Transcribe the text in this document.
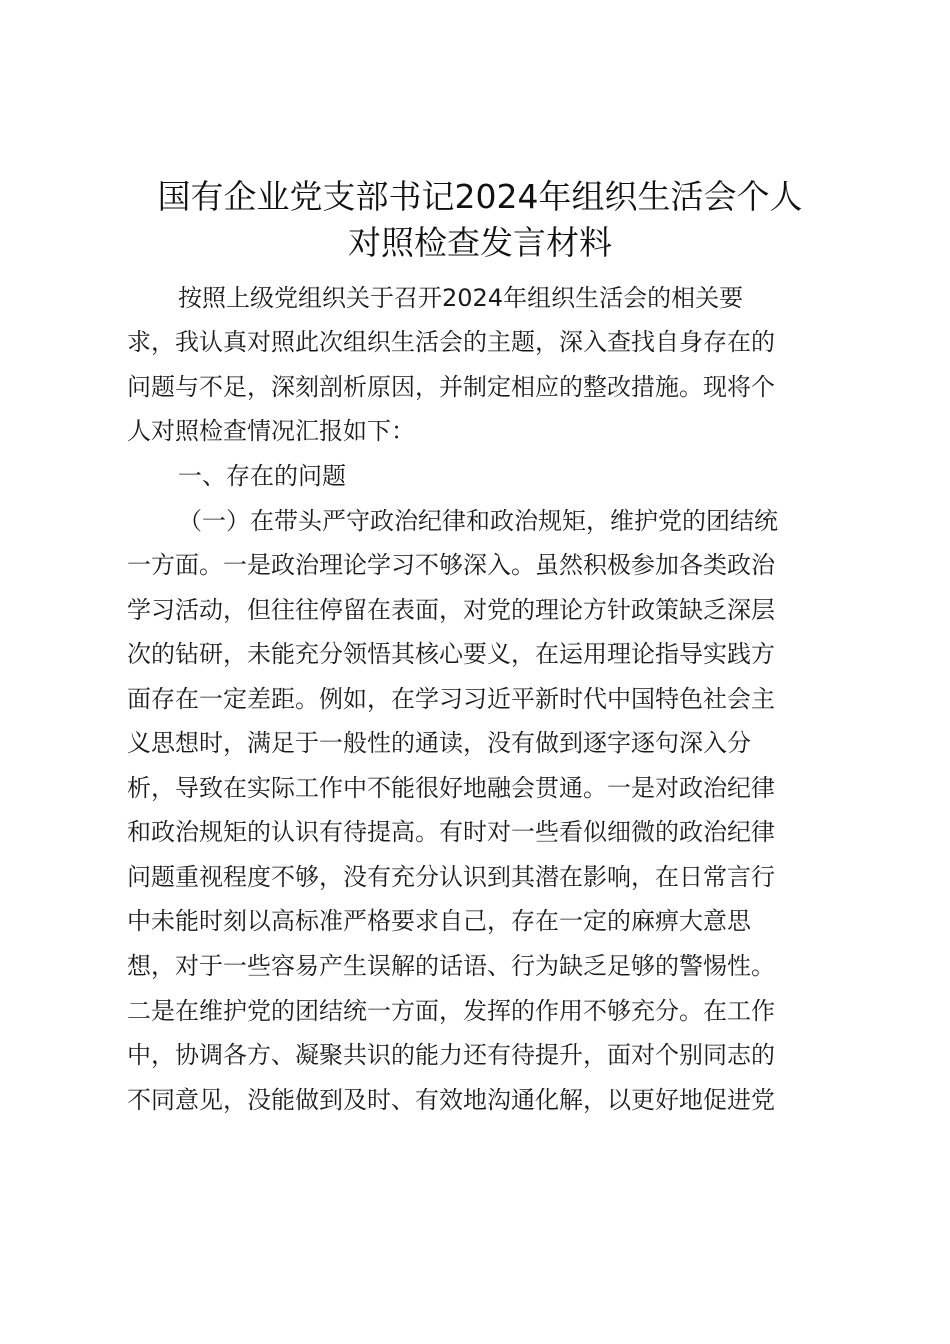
国有企业党支部书记2024年组织生活会个人
对照检查发言材料

按照上级党组织关于召开2024年组织生活会的相关要

求，我认真对照此次组织生活会的主题，深入查找自身存在的

问题与不足，深刻剖析原因，并制定相应的整改措施。现将个

人对照检查情况汇报如下：

一、存在的问题

（一）在带头严守政治纪律和政治规矩，维护党的团结统

一方面。一是政治理论学习不够深入。虽然积极参加各类政治

学习活动，但往往停留在表面，对党的理论方针政策缺乏深层

次的钻研，未能充分领悟其核心要义，在运用理论指导实践方

面存在一定差距。例如，在学习习近平新时代中国特色社会主

义思想时，满足于一般性的通读，没有做到逐字逐句深入分

析，导致在实际工作中不能很好地融会贯通。一是对政治纪律

和政治规矩的认识有待提高。有时对一些看似细微的政治纪律

问题重视程度不够，没有充分认识到其潜在影响，在日常言行

中未能时刻以高标准严格要求自己，存在一定的麻痹大意思

想，对于一些容易产生误解的话语、行为缺乏足够的警惕性。

二是在维护党的团结统一方面，发挥的作用不够充分。在工作

中，协调各方、凝聚共识的能力还有待提升，面对个别同志的

不同意见，没能做到及时、有效地沟通化解，以更好地促进党
